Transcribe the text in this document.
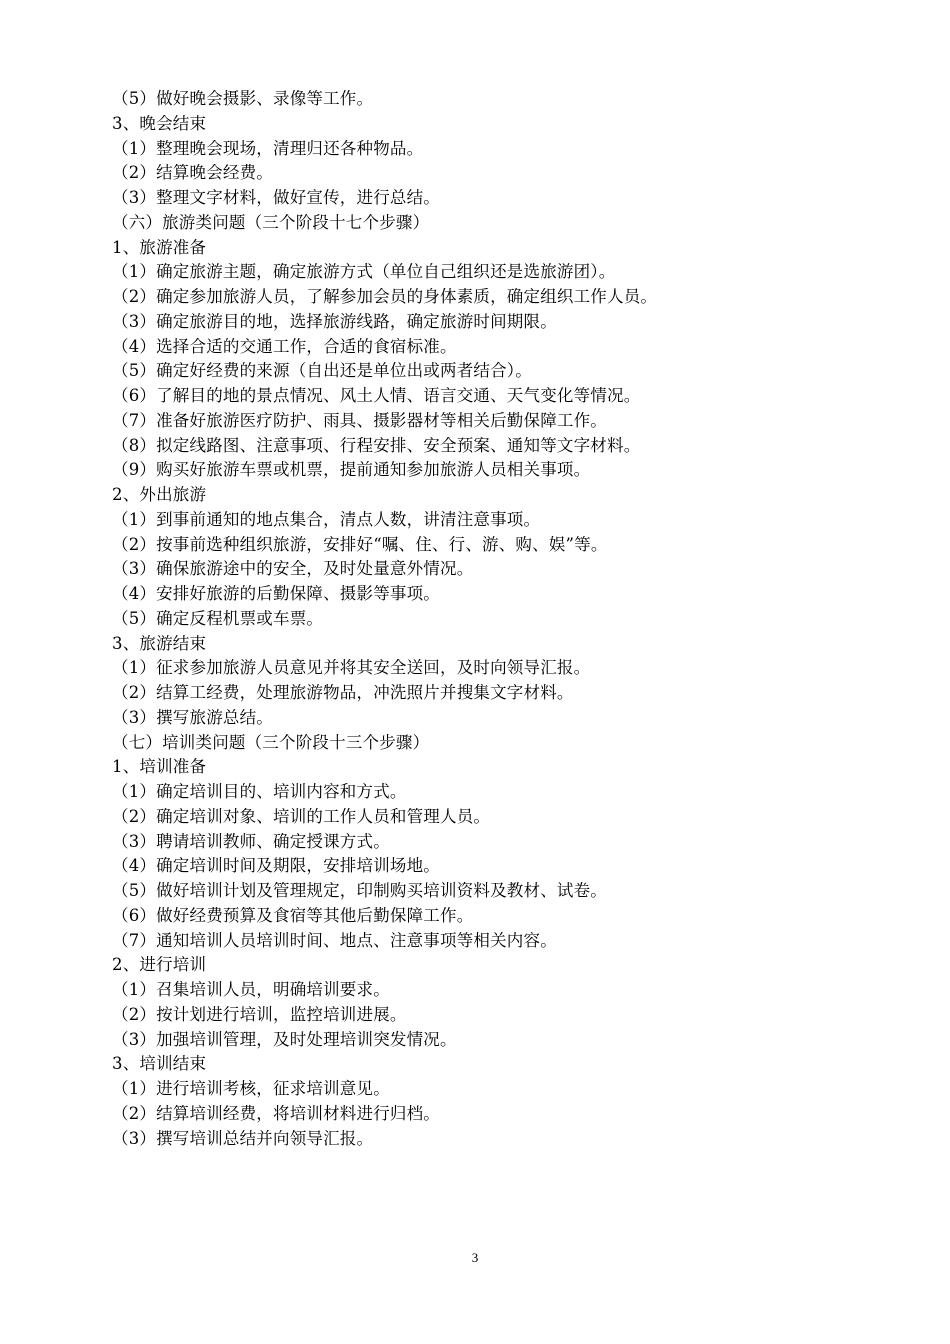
（5）做好晚会摄影、录像等工作。
3、晚会结束
（1）整理晚会现场，清理归还各种物品。
（2）结算晚会经费。
（3）整理文字材料，做好宣传，进行总结。
（六）旅游类问题（三个阶段十七个步骤）
1、旅游准备
（1）确定旅游主题，确定旅游方式（单位自己组织还是选旅游团）。
（2）确定参加旅游人员，了解参加会员的身体素质，确定组织工作人员。
（3）确定旅游目的地，选择旅游线路，确定旅游时间期限。
（4）选择合适的交通工作，合适的食宿标准。
（5）确定好经费的来源（自出还是单位出或两者结合）。
（6）了解目的地的景点情况、风土人情、语言交通、天气变化等情况。
（7）准备好旅游医疗防护、雨具、摄影器材等相关后勤保障工作。
（8）拟定线路图、注意事项、行程安排、安全预案、通知等文字材料。
（9）购买好旅游车票或机票，提前通知参加旅游人员相关事项。
2、外出旅游
（1）到事前通知的地点集合，清点人数，讲清注意事项。
（2）按事前选种组织旅游，安排好“嘱、住、行、游、购、娱”等。
（3）确保旅游途中的安全，及时处量意外情况。
（4）安排好旅游的后勤保障、摄影等事项。
（5）确定反程机票或车票。
3、旅游结束
（1）征求参加旅游人员意见并将其安全送回，及时向领导汇报。
（2）结算工经费，处理旅游物品，冲洗照片并搜集文字材料。
（3）撰写旅游总结。
（七）培训类问题（三个阶段十三个步骤）
1、培训准备
（1）确定培训目的、培训内容和方式。
（2）确定培训对象、培训的工作人员和管理人员。
（3）聘请培训教师、确定授课方式。
（4）确定培训时间及期限，安排培训场地。
（5）做好培训计划及管理规定，印制购买培训资料及教材、试卷。
（6）做好经费预算及食宿等其他后勤保障工作。
（7）通知培训人员培训时间、地点、注意事项等相关内容。
2、进行培训
（1）召集培训人员，明确培训要求。
（2）按计划进行培训，监控培训进展。
（3）加强培训管理，及时处理培训突发情况。
3、培训结束
（1）进行培训考核，征求培训意见。
（2）结算培训经费，将培训材料进行归档。
（3）撰写培训总结并向领导汇报。
3
